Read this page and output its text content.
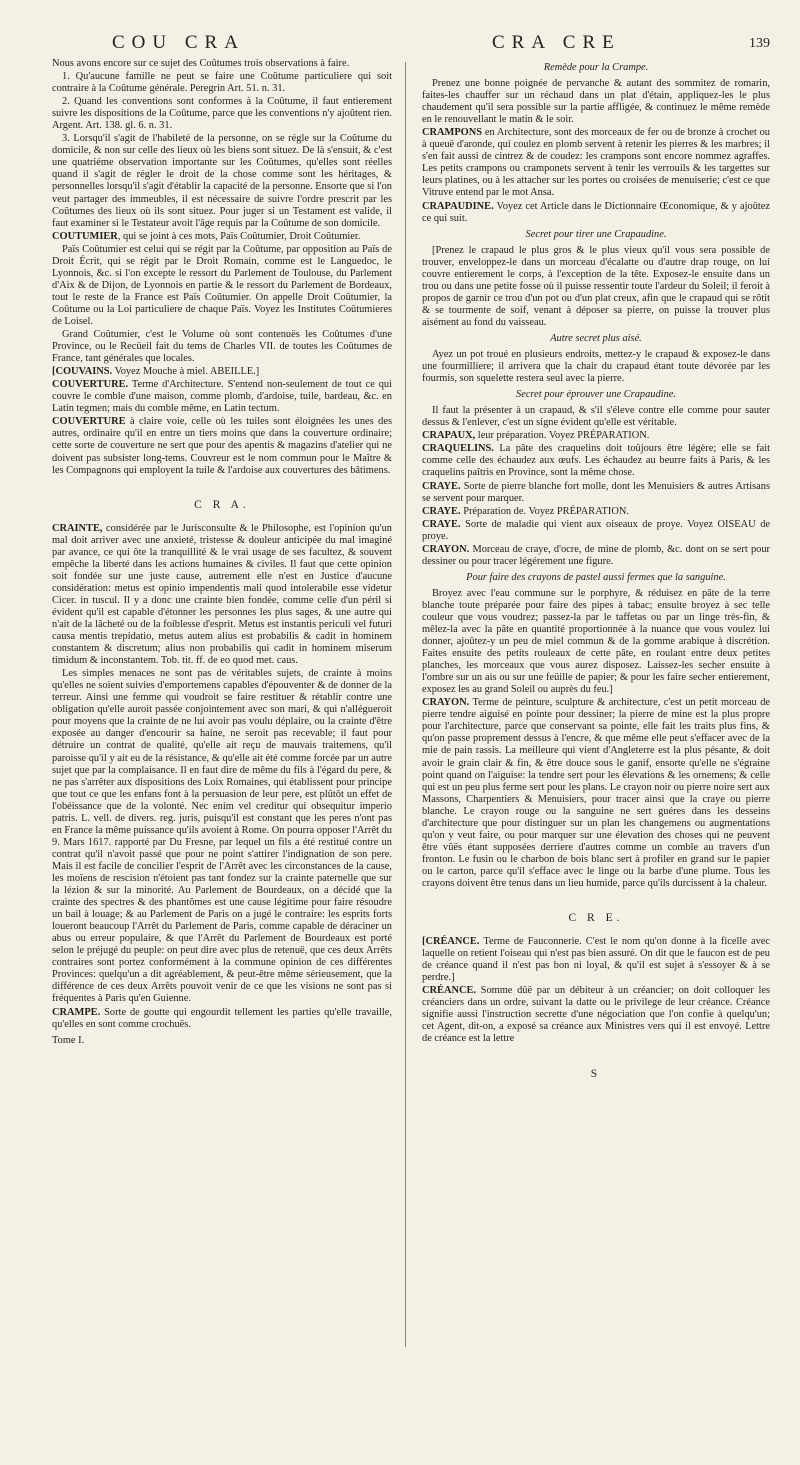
COU CRA	CRA CRE	139

Nous avons encore sur ce sujet des Coûtumes trois observations à faire.

1. Qu'aucune famille ne peut se faire une Coûtume particuliere qui soit contraire à la Coûtume générale. Peregrin Art. 51. n. 31.

2. Quand les conventions sont conformes à la Coûtume, il faut entierement suivre les dispositions de la Coûtume, parce que les conventions n'y ajoûtent rien. Argent. Art. 138. gl. 6. n. 31.

3. Lorsqu'il s'agit de l'habileté de la personne, on se régle sur la Coûtume du domicile, & non sur celle des lieux où les biens sont situez. De là s'ensuit, & c'est une quatriéme observation importante sur les Coûtumes, qu'elles sont réelles quand il s'agit de régler le droit de la chose comme sont les héritages, & personnelles lorsqu'il s'agit d'établir la capacité de la personne. Ensorte que si l'on veut partager des immeubles, il est nécessaire de suivre l'ordre prescrit par les Coûtumes des lieux où ils sont situez. Pour juger si un Testament est valide, il faut examiner si le Testateur avoit l'âge requis par la Coûtume de son domicile.

COUTUMIER, qui se joint à ces mots, Païs Coûtumier, Droit Coûtumier.

Païs Coûtumier est celui qui se régit par la Coûtume, par opposition au Païs de Droit Écrit, qui se régit par le Droit Romain, comme est le Languedoc, le Lyonnois, &c. si l'on excepte le ressort du Parlement de Toulouse, du Parlement d'Aix & de Dijon, de Lyonnois en partie & le ressort du Parlement de Bordeaux, tout le reste de la France est Païs Coûtumier. On appelle Droit Coûtumier, la Coûtume ou la Loi particuliere de chaque Païs. Voyez les Institutes Coûtumieres de Loisel.

Grand Coûtumier, c'est le Volume où sont contenuës les Coûtumes d'une Province, ou le Recüeil fait du tems de Charles VII. de toutes les Coûtumes de France, tant générales que locales.

[COUVAINS. Voyez Mouche à miel. ABEILLE.]

COUVERTURE. Terme d'Architecture. S'entend non-seulement de tout ce qui couvre le comble d'une maison, comme plomb, d'ardoise, tuile, bardeau, &c. en Latin tegmen; mais du comble même, en Latin tectum.

COUVERTURE à claire voie, celle où les tuiles sont éloignées les unes des autres, ordinaire qu'il en entre un tiers moins que dans la couverture ordinaire; cette sorte de couverture ne sert que pour des apentis & magazins d'atelier qui ne doivent pas subsister long-tems. Couvreur est le nom commun pour le Maître & les Compagnons qui employent la tuile & l'ardoise aux couvertures des bâtimens.

C R A.

CRAINTE, considérée par le Jurisconsulte & le Philosophe, est l'opinion qu'un mal doit arriver avec une anxieté, tristesse & douleur anticipée du mal imaginé par avance, ce qui ôte la tranquillité & le vrai usage de ses facultez, & souvent empêche la liberté dans les actions humaines & civiles. Il faut que cette opinion soit fondée sur une juste cause, autrement elle n'est en Justice d'aucune considération: metus est opinio impendentis mali quod intolerabile esse videtur Cicer. in tuscul. Il y a donc une crainte bien fondée, comme celle d'un péril si évident qu'il est capable d'étonner les personnes les plus sages, & une autre qui n'ait de la lâcheté ou de la foiblesse d'esprit. Metus est instantis periculi vel futuri causa mentis trepidatio, metus autem alius est probabilis & cadit in hominem constantem & discretum; alius non probabilis qui cadit in hominem miserum timidum & inconstantem. Tob. tit. ff. de eo quod met. caus.

Les simples menaces ne sont pas de véritables sujets, de crainte à moins qu'elles ne soient suivies d'emportemens capables d'épouventer & de donner de la terreur. Ainsi une femme qui voudroit se faire restituer & rétablir contre une obligation qu'elle auroit passée conjointement avec son mari, & qui n'allégueroit pour moyens que la crainte de ne lui avoir pas voulu déplaire, ou la crainte d'être exposée au danger d'encourir sa haine, ne seroit pas recevable; il faut pour détruire un contrat de qualité, qu'elle ait reçu de mauvais traitemens, qu'il paroisse qu'il y ait eu de la résistance, & qu'elle ait été comme forcée par un autre sujet que par la complaisance. Il en faut dire de même du fils à l'égard du pere, & ne pas s'arrêter aux dispositions des Loix Romaines, qui établissent pour principe que tout ce que les enfans font à la persuasion de leur pere, est plûtôt un effet de l'obéissance que de la volonté. Nec enim vel creditur qui obsequitur imperio patris. L. vell. de divers. reg. juris, puisqu'il est constant que les peres n'ont pas en France la même puissance qu'ils avoient à Rome. On pourra opposer l'Arrêt du 9. Mars 1617. rapporté par Du Fresne, par lequel un fils a été restitué contre un contrat qu'il n'avoit passé que pour ne point s'attirer l'indignation de son pere. Mais il est facile de concilier l'esprit de l'Arrêt avec les circonstances de la cause, les moïens de rescision n'étoient pas tant fondez sur la crainte paternelle que sur la lézion & sur la minorité. Au Parlement de Bourdeaux, on a décidé que la crainte des spectres & des phantômes est une cause légitime pour faire résoudre un bail à louage; & au Parlement de Paris on a jugé le contraire: les esprits forts loueront beaucoup l'Arrêt du Parlement de Paris, comme capable de déraciner un abus ou erreur populaire, & que l'Arrêt du Parlement de Bourdeaux est porté selon le préjugé du peuple: on peut dire avec plus de retenuë, que ces deux Arrêts contraires sont portez conformément à la commune opinion de ces différentes Provinces: quelqu'un a dit agréablement, & peut-être même sérieusement, que la différence de ces deux Arrêts pouvoit venir de ce que les visions ne sont pas si fréquentes à Paris qu'en Guienne.

CRAMPE. Sorte de goutte qui engourdit tellement les parties qu'elle travaille, qu'elles en sont comme crochuës.

Tome I.

Remède pour la Crampe.

Prenez une bonne poignée de pervanche & autant des sommitez de romarin, faites-les chauffer sur un réchaud dans un plat d'étain, appliquez-les le plus chaudement qu'il sera possible sur la partie affligée, & continuez le même remède en le renouvellant le matin & le soir.

CRAMPONS en Architecture, sont des morceaux de fer ou de bronze à crochet ou à queuë d'aronde, qui coulez en plomb servent à retenir les pierres & les marbres; il s'en fait aussi de cintrez & de coudez: les crampons sont encore nommez agraffes. Les petits crampons ou cramponets servent à tenir les verrouils & les targettes sur leurs platines, ou à les attacher sur les portes ou croisées de menuiserie; c'est ce que Vitruve entend par le mot Ansa.

CRAPAUDINE. Voyez cet Article dans le Dictionnaire Œconomique, & y ajoûtez ce qui suit.

Secret pour tirer une Crapaudine.

[Prenez le crapaud le plus gros & le plus vieux qu'il vous sera possible de trouver, enveloppez-le dans un morceau d'écalatte ou d'autre drap rouge, on lui couvre entierement le corps, à l'exception de la tête. Exposez-le ensuite dans un trou ou dans une petite fosse où il puisse ressentir toute l'ardeur du Soleil; il feroit à propos de garnir ce trou d'un pot ou d'un plat creux, afin que le crapaud qui se rôtit & se tourmente de soif, venant à déposer sa pierre, on puisse la trouver plus aisément au fond du vaisseau.

Autre secret plus aisé.

Ayez un pot troué en plusieurs endroits, mettez-y le crapaud & exposez-le dans une fourmilliere; il arrivera que la chair du crapaud étant toute dévorée par les fourmis, son squelette restera seul avec la pierre.

Secret pour éprouver une Crapaudine.

Il faut la présenter à un crapaud, & s'il s'éleve contre elle comme pour sauter dessus & l'enlever, c'est un signe évident qu'elle est véritable.

CRAPAUX, leur préparation. Voyez PRÉPARATION.

CRAQUELINS. La pâte des craquelins doit toûjours être légère; elle se fait comme celle des échaudez aux œufs. Les échaudez au beurre faits à Paris, & les craquelins paîtris en Province, sont la même chose.

CRAYE. Sorte de pierre blanche fort molle, dont les Menuisiers & autres Artisans se servent pour marquer.

CRAYE. Préparation de. Voyez PRÉPARATION.

CRAYE. Sorte de maladie qui vient aux oiseaux de proye. Voyez OISEAU de proye.

CRAYON. Morceau de craye, d'ocre, de mine de plomb, &c. dont on se sert pour dessiner ou pour tracer légérement une figure.

Pour faire des crayons de pastel aussi fermes que la sanguine.

Broyez avec l'eau commune sur le porphyre, & réduisez en pâte de la terre blanche toute préparée pour faire des pipes à tabac; ensuite broyez à sec telle couleur que vous voudrez; passez-la par le taffetas ou par un linge très-fin, & mêlez-la avec la pâte en quantité proportionnée à la nuance que vous voulez lui donner, ajoûtez-y un peu de miel commun & de la gomme arabique à discrétion. Faites ensuite des petits rouleaux de cette pâte, en roulant entre deux petites planches, les morceaux que vous aurez disposez. Laissez-les secher ensuite à l'ombre sur un ais ou sur une feüille de papier; & pour les faire secher entierement, exposez les au grand Soleil ou auprès du feu.]

CRAYON. Terme de peinture, sculpture & architecture, c'est un petit morceau de pierre tendre aiguisé en pointe pour dessiner; la pierre de mine est la plus propre pour l'architecture, parce que conservant sa pointe, elle fait les traits plus fins, & qu'on passe proprement dessus à l'encre, & que même elle peut s'effacer avec de la mie de pain rassis. La meilleure qui vient d'Angleterre est la plus pésante, & doit avoir le grain clair & fin, & être douce sous le ganif, ensorte qu'elle ne s'égraine point quand on l'aiguise: la tendre sert pour les élevations & les ornemens; & celle qui est un peu plus ferme sert pour les plans. Le crayon noir ou pierre noire sert aux Massons, Charpentiers & Menuisiers, pour tracer ainsi que la craye ou pierre blanche. Le crayon rouge ou la sanguine ne sert guéres dans les desseins d'architecture que pour distinguer sur un plan les changemens ou augmentations qu'on y veut faire, ou pour marquer sur une élevation des choses qui ne peuvent être vûës étant supposées derriere d'autres comme un comble au travers d'un fronton. Le fusin ou le charbon de bois blanc sert à profiler en grand sur le papier ou le carton, parce qu'il s'efface avec le linge ou la barbe d'une plume. Tous les crayons doivent être tenus dans un lieu humide, parce qu'ils durcissent à la chaleur.

C R E.

[CRÉANCE. Terme de Fauconnerie. C'est le nom qu'on donne à la ficelle avec laquelle on retient l'oiseau qui n'est pas bien assuré. On dit que le faucon est de peu de créance quand il n'est pas bon ni loyal, & qu'il est sujet à s'essoyer & à se perdre.]

CRÉANCE. Somme dûë par un débiteur à un créancier; on doit colloquer les créanciers dans un ordre, suivant la datte ou le privilege de leur créance. Créance signifie aussi l'instruction secrette d'une négociation que l'on confie à quelqu'un; cet Agent, dit-on, a exposé sa créance aux Ministres vers qui il est envoyé. Lettre de créance est la lettre

S
